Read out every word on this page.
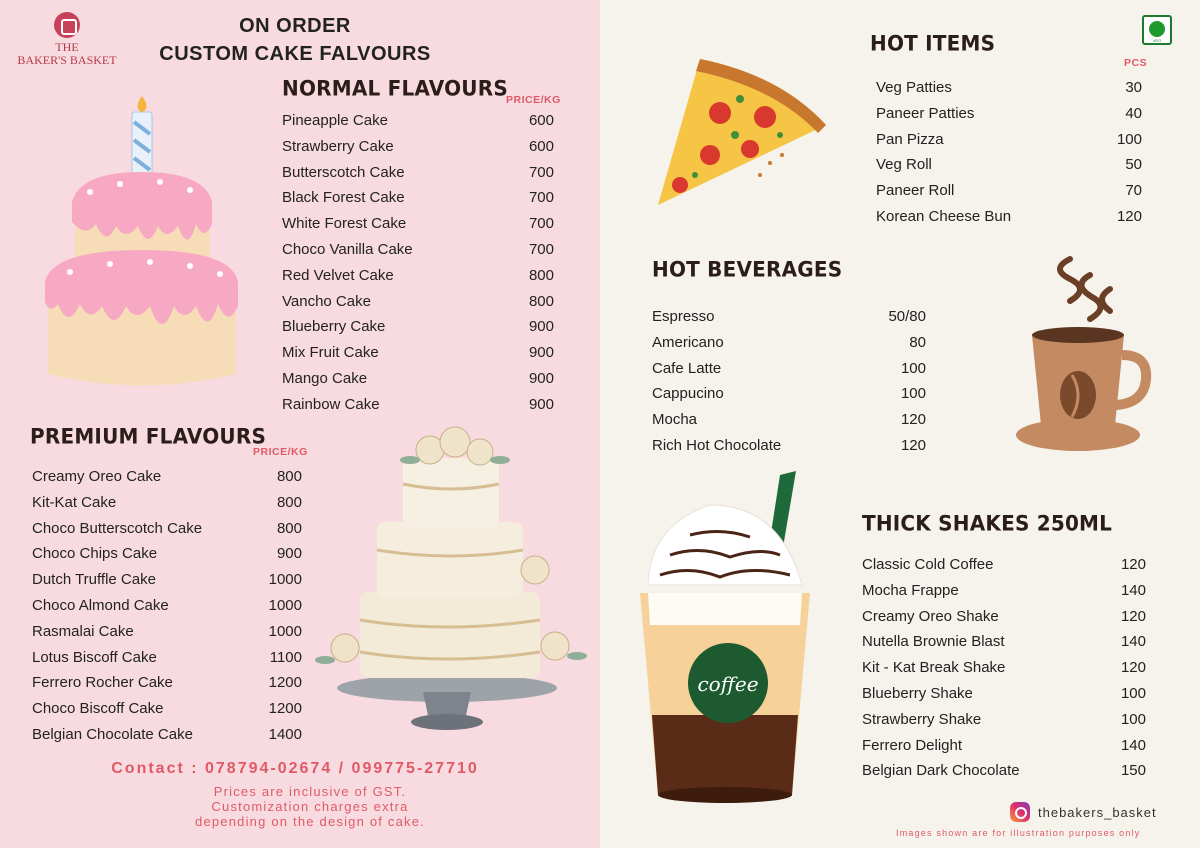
THE
BAKER'S BASKET
ON ORDER
CUSTOM CAKE FALVOURS
NORMAL FLAVOURS
PRICE/KG
Pineapple Cake	600
Strawberry Cake	600
Butterscotch Cake	700
Black Forest Cake	700
White Forest Cake	700
Choco Vanilla Cake	700
Red Velvet Cake	800
Vancho Cake	800
Blueberry Cake	900
Mix Fruit Cake	900
Mango Cake	900
Rainbow Cake	900
PREMIUM FLAVOURS
PRICE/KG
Creamy Oreo Cake	800
Kit-Kat Cake	800
Choco Butterscotch Cake	800
Choco Chips Cake	900
Dutch Truffle Cake	1000
Choco Almond Cake	1000
Rasmalai Cake	1000
Lotus Biscoff Cake	1100
Ferrero Rocher Cake	1200
Choco Biscoff Cake	1200
Belgian Chocolate Cake	1400
Contact : 078794-02674 / 099775-27710
Prices are inclusive of GST.
Customization charges extra
depending on the design of cake.
VEG
HOT ITEMS
PCS
Veg Patties	30
Paneer Patties	40
Pan Pizza	100
Veg Roll	50
Paneer Roll	70
Korean Cheese Bun	120
HOT BEVERAGES
Espresso	50/80
Americano	80
Cafe Latte	100
Cappucino	100
Mocha	120
Rich Hot Chocolate	120
coffee
THICK SHAKES 250ML
Classic Cold Coffee	120
Mocha Frappe	140
Creamy Oreo Shake	120
Nutella Brownie Blast	140
Kit - Kat Break Shake	120
Blueberry Shake	100
Strawberry Shake	100
Ferrero Delight	140
Belgian Dark Chocolate	150
thebakers_basket
Images shown are for illustration purposes only
